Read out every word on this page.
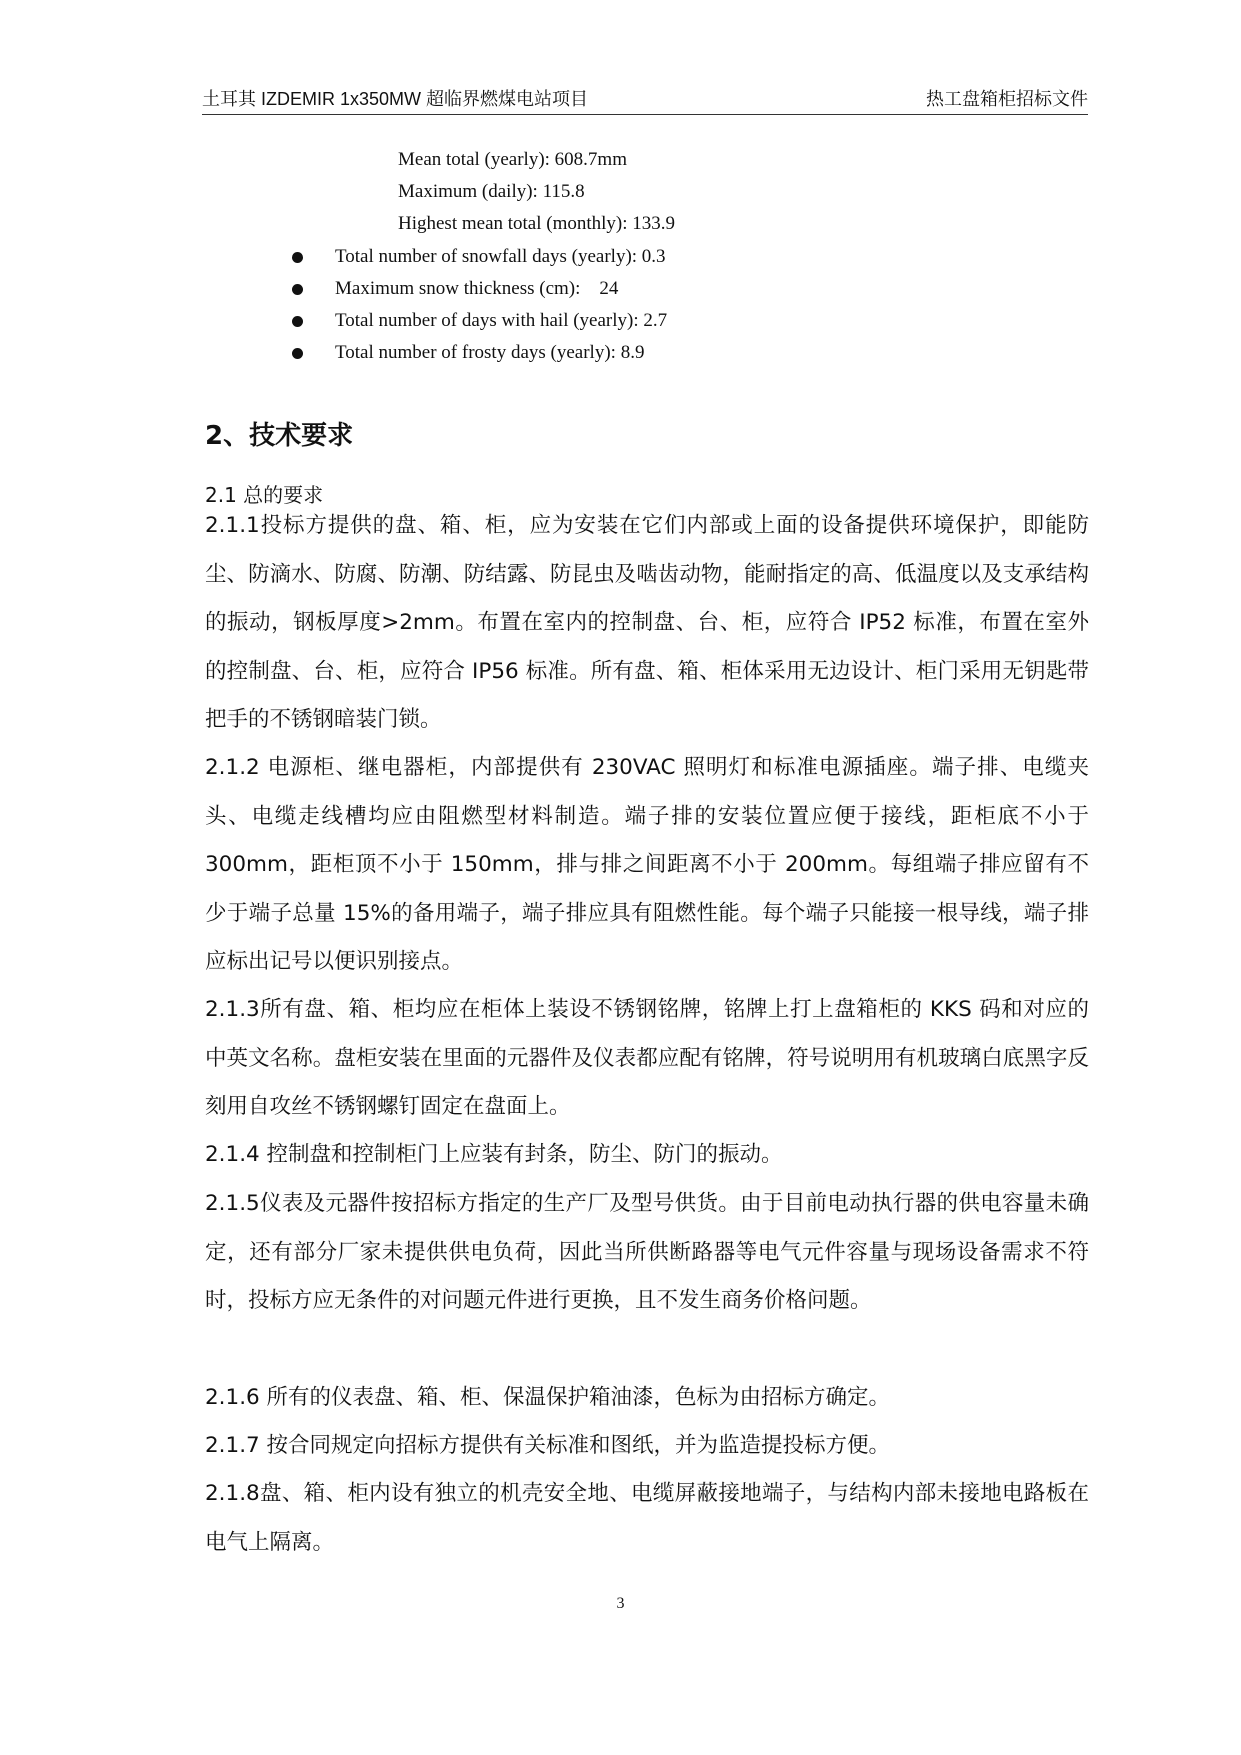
土耳其 IZDEMIR 1x350MW 超临界燃煤电站项目	热工盘箱柜招标文件
Mean total (yearly): 608.7mm
Maximum (daily): 115.8
Highest mean total (monthly): 133.9
Total number of snowfall days (yearly): 0.3
Maximum snow thickness (cm):    24
Total number of days with hail (yearly): 2.7
Total number of frosty days (yearly): 8.9
2、技术要求
2.1 总的要求

2.1.1投标方提供的盘、箱、柜，应为安装在它们内部或上面的设备提供环境保护，即能防尘、防滴水、防腐、防潮、防结露、防昆虫及啮齿动物，能耐指定的高、低温度以及支承结构的振动，钢板厚度>2mm。布置在室内的控制盘、台、柜，应符合 IP52 标准，布置在室外的控制盘、台、柜，应符合 IP56 标准。所有盘、箱、柜体采用无边设计、柜门采用无钥匙带把手的不锈钢暗装门锁。

2.1.2 电源柜、继电器柜，内部提供有 230VAC 照明灯和标准电源插座。端子排、电缆夹头、电缆走线槽均应由阻燃型材料制造。端子排的安装位置应便于接线，距柜底不小于 300mm，距柜顶不小于 150mm，排与排之间距离不小于 200mm。每组端子排应留有不少于端子总量 15%的备用端子，端子排应具有阻燃性能。每个端子只能接一根导线，端子排应标出记号以便识别接点。

2.1.3所有盘、箱、柜均应在柜体上装设不锈钢铭牌，铭牌上打上盘箱柜的 KKS 码和对应的中英文名称。盘柜安装在里面的元器件及仪表都应配有铭牌，符号说明用有机玻璃白底黑字反刻用自攻丝不锈钢螺钉固定在盘面上。

2.1.4 控制盘和控制柜门上应装有封条，防尘、防门的振动。

2.1.5仪表及元器件按招标方指定的生产厂及型号供货。由于目前电动执行器的供电容量未确定，还有部分厂家未提供供电负荷，因此当所供断路器等电气元件容量与现场设备需求不符时，投标方应无条件的对问题元件进行更换，且不发生商务价格问题。

2.1.6 所有的仪表盘、箱、柜、保温保护箱油漆，色标为由招标方确定。

2.1.7 按合同规定向招标方提供有关标准和图纸，并为监造提投标方便。

2.1.8盘、箱、柜内设有独立的机壳安全地、电缆屏蔽接地端子，与结构内部未接地电路板在电气上隔离。

3
